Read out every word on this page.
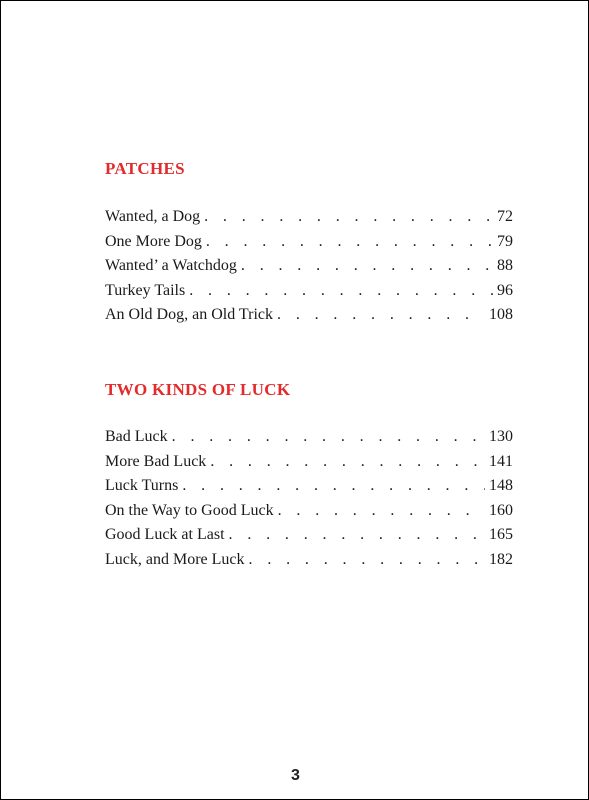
PATCHES
Wanted, a Dog . . .	72
One More Dog . . .	79
Wanted’ a Watchdog . . .	88
Turkey Tails . . .	96
An Old Dog, an Old Trick . . .	108
TWO KINDS OF LUCK
Bad Luck . . .	130
More Bad Luck . . .	141
Luck Turns . . .	148
On the Way to Good Luck . . .	160
Good Luck at Last . . .	165
Luck, and More Luck . . .	182
3
